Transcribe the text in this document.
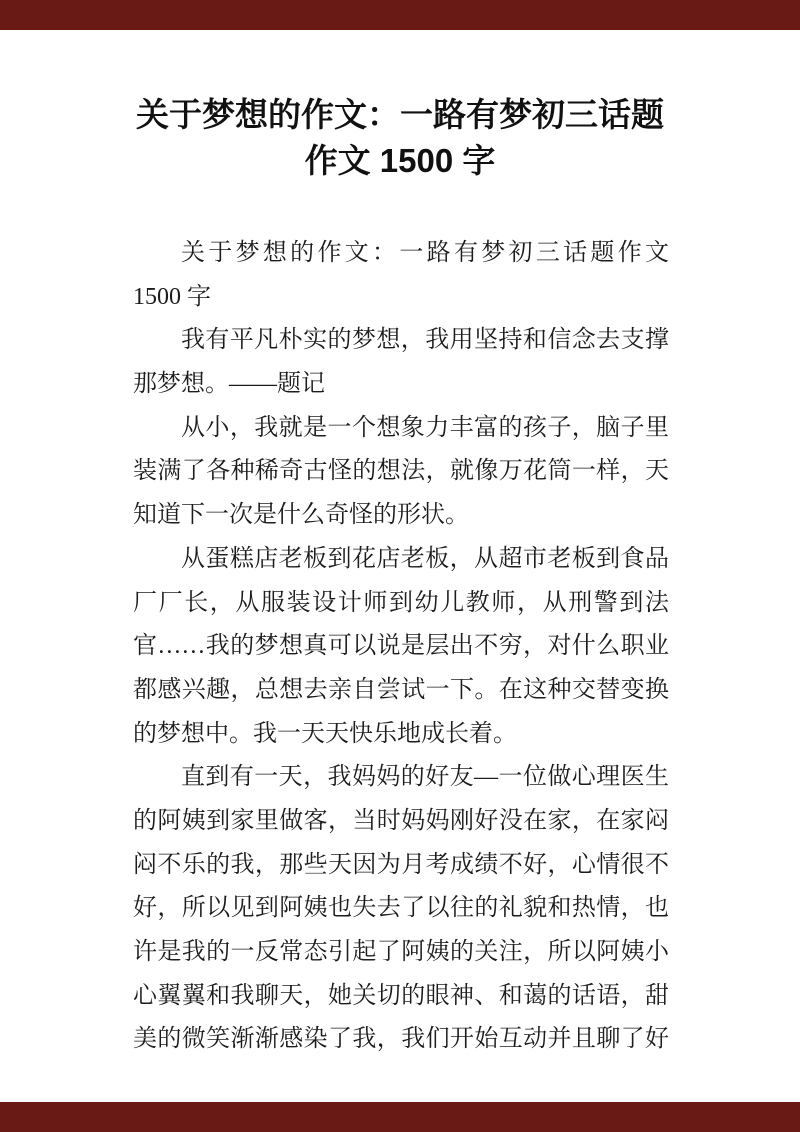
关于梦想的作文：一路有梦初三话题
作文 1500 字
关于梦想的作文：一路有梦初三话题作文
1500 字
我有平凡朴实的梦想，我用坚持和信念去支撑
那梦想。——题记
从小，我就是一个想象力丰富的孩子，脑子里
装满了各种稀奇古怪的想法，就像万花筒一样，天
知道下一次是什么奇怪的形状。
从蛋糕店老板到花店老板，从超市老板到食品
厂厂长，从服装设计师到幼儿教师，从刑警到法
官……我的梦想真可以说是层出不穷，对什么职业
都感兴趣，总想去亲自尝试一下。在这种交替变换
的梦想中。我一天天快乐地成长着。
直到有一天，我妈妈的好友—一位做心理医生
的阿姨到家里做客，当时妈妈刚好没在家，在家闷
闷不乐的我，那些天因为月考成绩不好，心情很不
好，所以见到阿姨也失去了以往的礼貌和热情，也
许是我的一反常态引起了阿姨的关注，所以阿姨小
心翼翼和我聊天，她关切的眼神、和蔼的话语，甜
美的微笑渐渐感染了我，我们开始互动并且聊了好
